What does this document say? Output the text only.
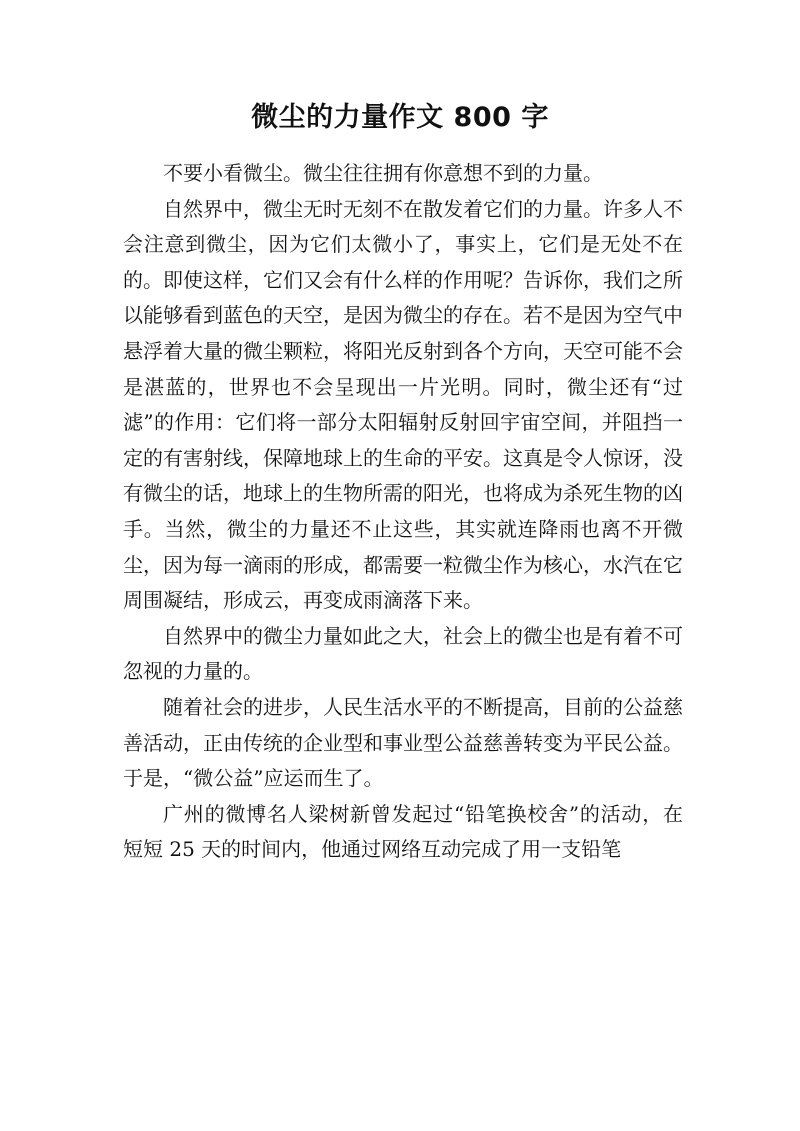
微尘的力量作文 800 字

不要小看微尘。微尘往往拥有你意想不到的力量。

自然界中，微尘无时无刻不在散发着它们的力量。许多人不会注意到微尘，因为它们太微小了，事实上，它们是无处不在的。即使这样，它们又会有什么样的作用呢？告诉你，我们之所以能够看到蓝色的天空，是因为微尘的存在。若不是因为空气中悬浮着大量的微尘颗粒，将阳光反射到各个方向，天空可能不会是湛蓝的，世界也不会呈现出一片光明。同时，微尘还有“过滤”的作用：它们将一部分太阳辐射反射回宇宙空间，并阻挡一定的有害射线，保障地球上的生命的平安。这真是令人惊讶，没有微尘的话，地球上的生物所需的阳光，也将成为杀死生物的凶手。当然，微尘的力量还不止这些，其实就连降雨也离不开微尘，因为每一滴雨的形成，都需要一粒微尘作为核心，水汽在它周围凝结，形成云，再变成雨滴落下来。

自然界中的微尘力量如此之大，社会上的微尘也是有着不可忽视的力量的。

随着社会的进步，人民生活水平的不断提高，目前的公益慈善活动，正由传统的企业型和事业型公益慈善转变为平民公益。于是，“微公益”应运而生了。

广州的微博名人梁树新曾发起过“铅笔换校舍”的活动，在短短 25 天的时间内，他通过网络互动完成了用一支铅笔
